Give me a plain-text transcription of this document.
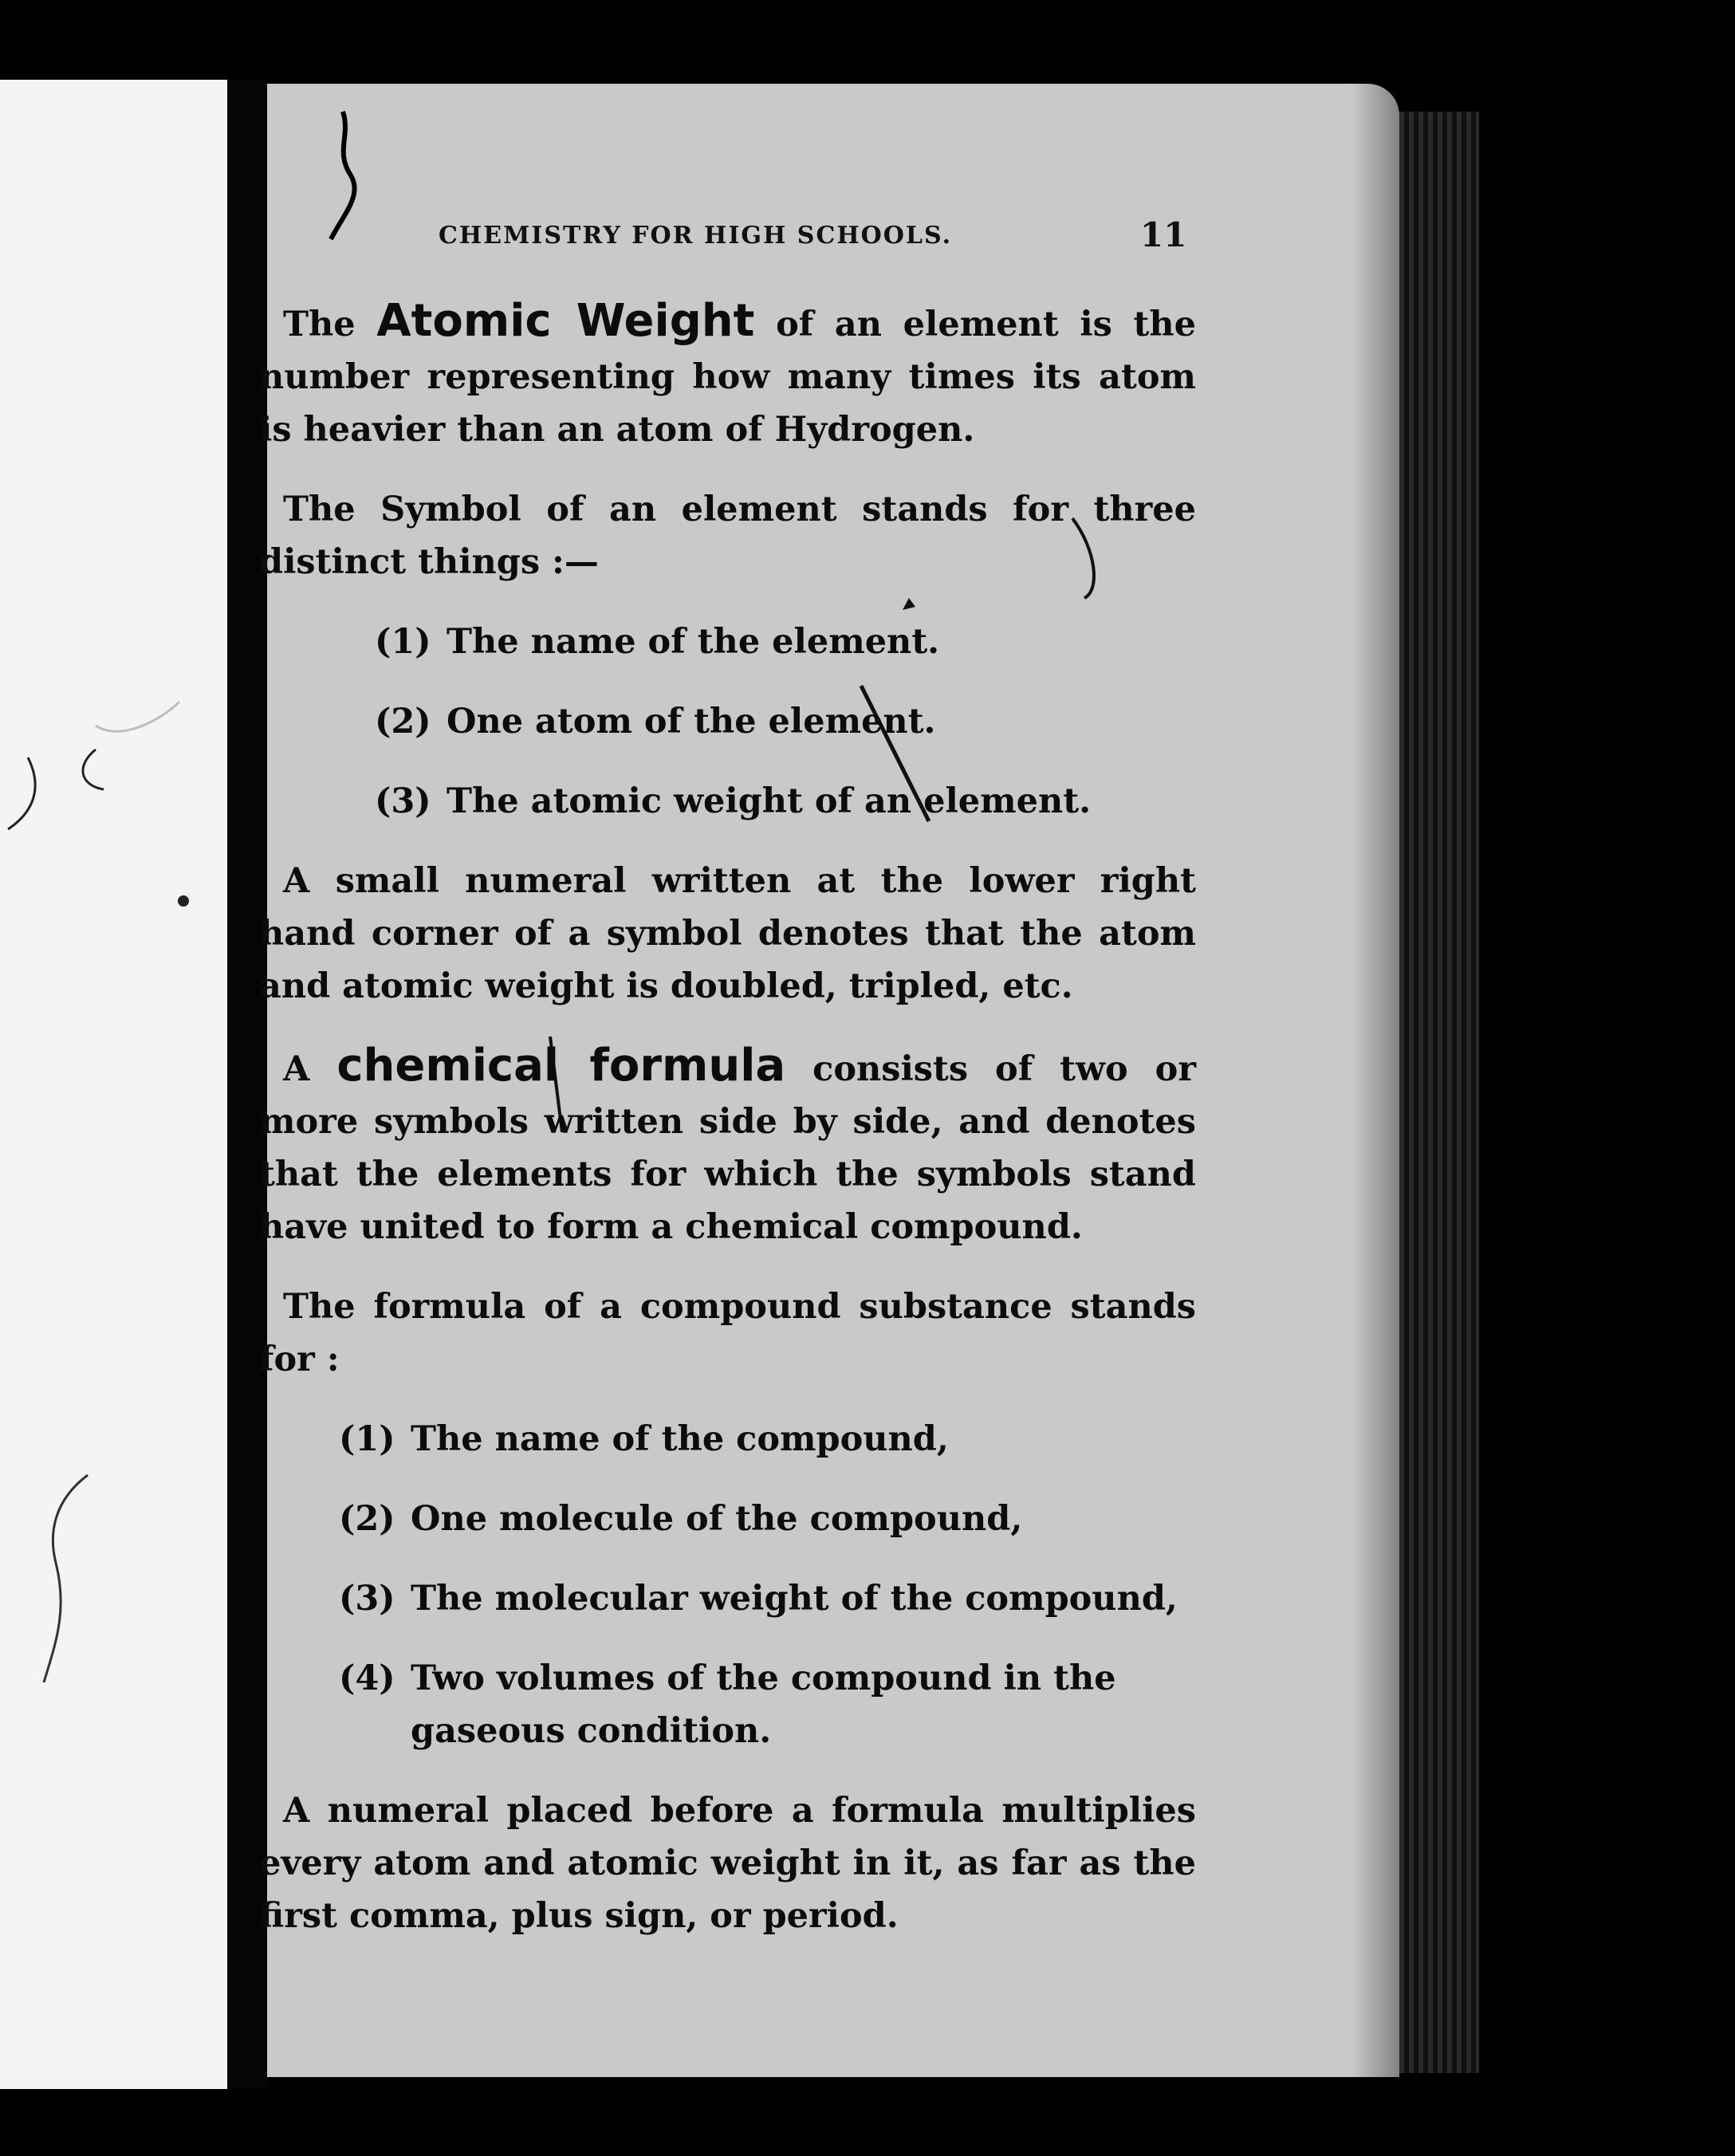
CHEMISTRY FOR HIGH SCHOOLS.	11

The Atomic Weight of an element is the number representing how many times its atom is heavier than an atom of Hydrogen.

The Symbol of an element stands for three distinct things :—

(1) The name of the element.
(2) One atom of the element.
(3) The atomic weight of an element.

A small numeral written at the lower right hand corner of a symbol denotes that the atom and atomic weight is doubled, tripled, etc.

A chemical formula consists of two or more symbols written side by side, and denotes that the elements for which the symbols stand have united to form a chemical compound.

The formula of a compound substance stands for :

(1) The name of the compound,
(2) One molecule of the compound,
(3) The molecular weight of the compound,
(4) Two volumes of the compound in the gaseous condition.

A numeral placed before a formula multiplies every atom and atomic weight in it, as far as the first comma, plus sign, or period.
